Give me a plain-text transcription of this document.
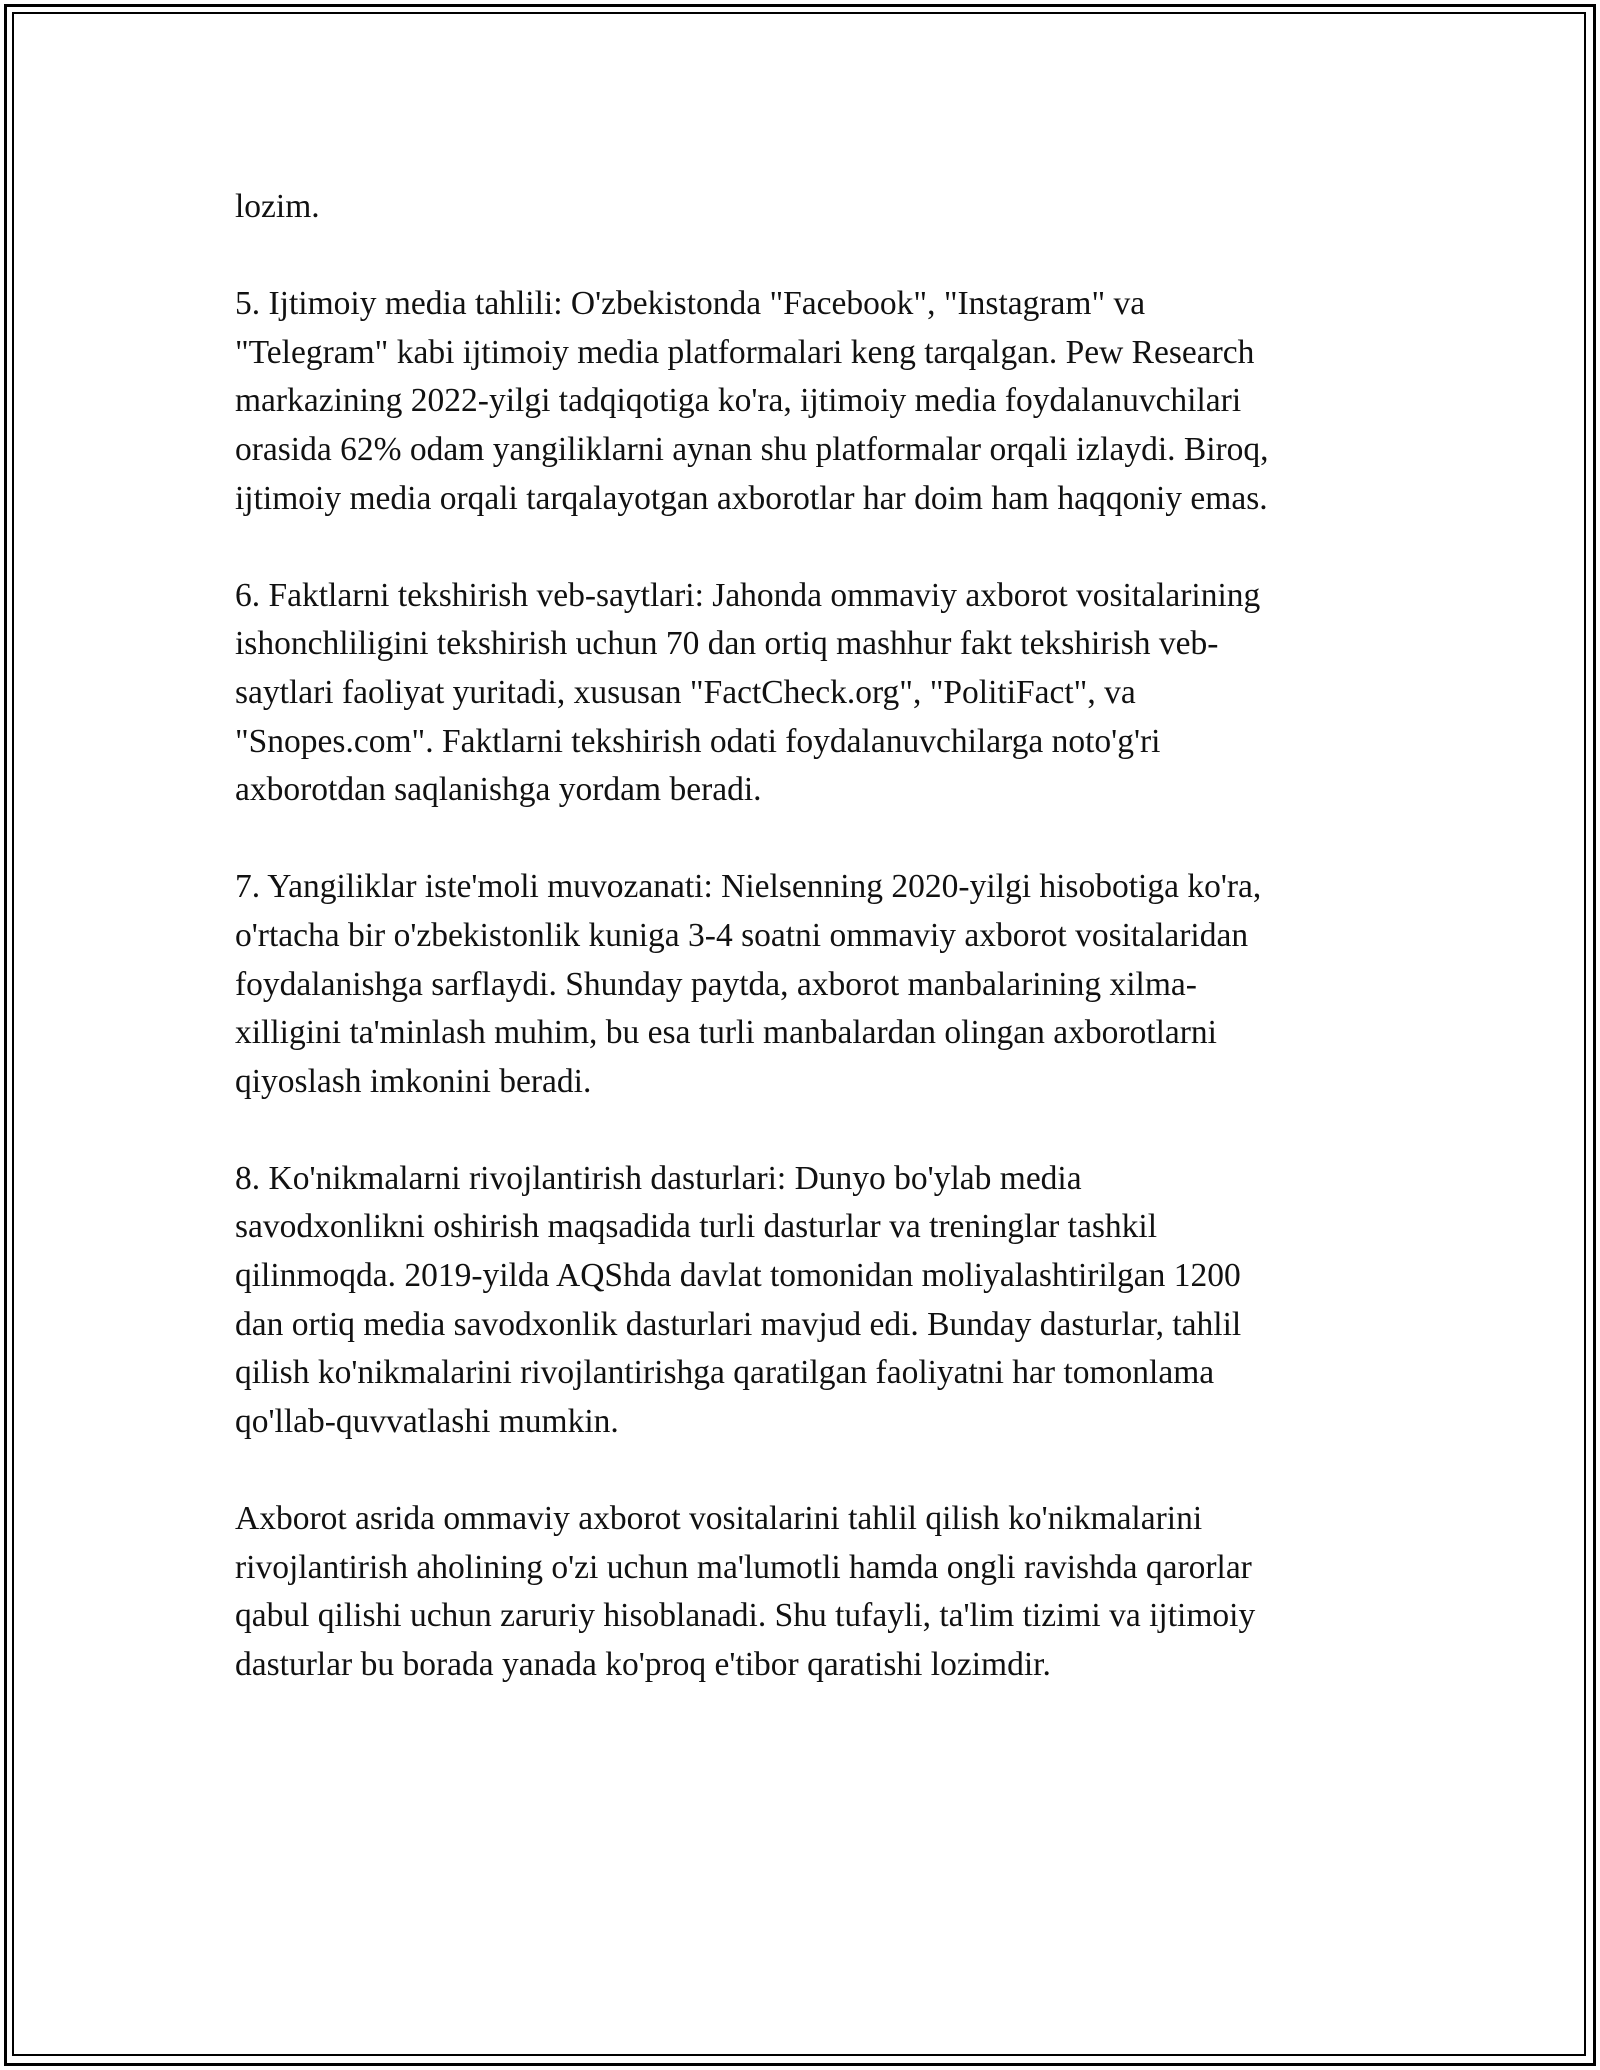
lozim.

5. Ijtimoiy media tahlili: O'zbekistonda "Facebook", "Instagram" va
"Telegram" kabi ijtimoiy media platformalari keng tarqalgan. Pew Research
markazining 2022-yilgi tadqiqotiga ko'ra, ijtimoiy media foydalanuvchilari
orasida 62% odam yangiliklarni aynan shu platformalar orqali izlaydi. Biroq,
ijtimoiy media orqali tarqalayotgan axborotlar har doim ham haqqoniy emas.

6. Faktlarni tekshirish veb-saytlari: Jahonda ommaviy axborot vositalarining
ishonchliligini tekshirish uchun 70 dan ortiq mashhur fakt tekshirish veb-
saytlari faoliyat yuritadi, xususan "FactCheck.org", "PolitiFact", va
"Snopes.com". Faktlarni tekshirish odati foydalanuvchilarga noto'g'ri
axborotdan saqlanishga yordam beradi.

7. Yangiliklar iste'moli muvozanati: Nielsenning 2020-yilgi hisobotiga ko'ra,
o'rtacha bir o'zbekistonlik kuniga 3-4 soatni ommaviy axborot vositalaridan
foydalanishga sarflaydi. Shunday paytda, axborot manbalarining xilma-
xilligini ta'minlash muhim, bu esa turli manbalardan olingan axborotlarni
qiyoslash imkonini beradi.

8. Ko'nikmalarni rivojlantirish dasturlari: Dunyo bo'ylab media
savodxonlikni oshirish maqsadida turli dasturlar va treninglar tashkil
qilinmoqda. 2019-yilda AQShda davlat tomonidan moliyalashtirilgan 1200
dan ortiq media savodxonlik dasturlari mavjud edi. Bunday dasturlar, tahlil
qilish ko'nikmalarini rivojlantirishga qaratilgan faoliyatni har tomonlama
qo'llab-quvvatlashi mumkin.

Axborot asrida ommaviy axborot vositalarini tahlil qilish ko'nikmalarini
rivojlantirish aholining o'zi uchun ma'lumotli hamda ongli ravishda qarorlar
qabul qilishi uchun zaruriy hisoblanadi. Shu tufayli, ta'lim tizimi va ijtimoiy
dasturlar bu borada yanada ko'proq e'tibor qaratishi lozimdir.
